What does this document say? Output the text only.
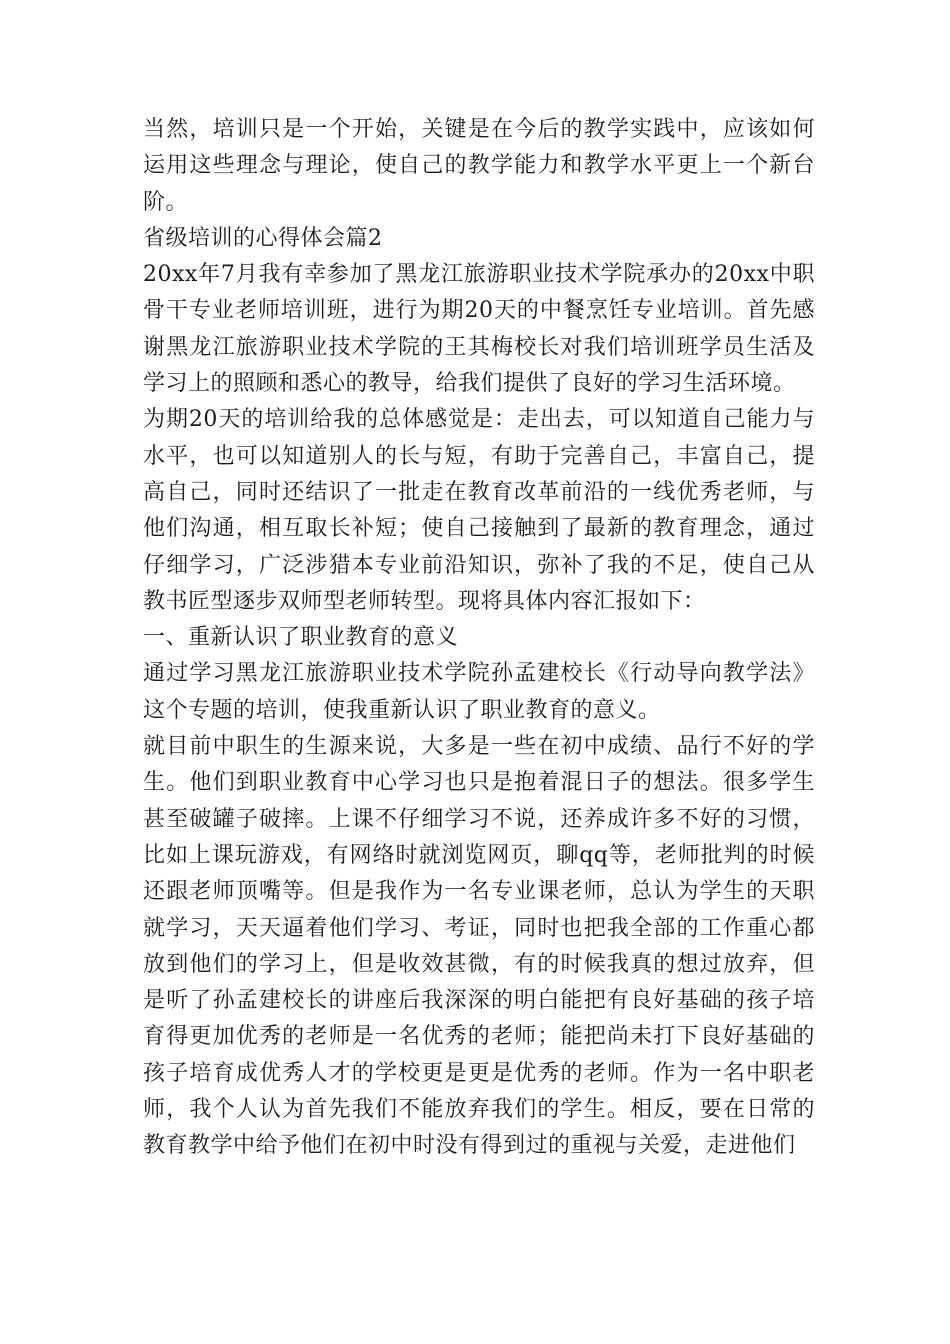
当然，培训只是一个开始，关键是在今后的教学实践中，应该如何运用这些理念与理论，使自己的教学能力和教学水平更上一个新台阶。

省级培训的心得体会篇2

20xx年7月我有幸参加了黑龙江旅游职业技术学院承办的20xx中职骨干专业老师培训班，进行为期20天的中餐烹饪专业培训。首先感谢黑龙江旅游职业技术学院的王其梅校长对我们培训班学员生活及学习上的照顾和悉心的教导，给我们提供了良好的学习生活环境。

为期20天的培训给我的总体感觉是：走出去，可以知道自己能力与水平，也可以知道别人的长与短，有助于完善自己，丰富自己，提高自己，同时还结识了一批走在教育改革前沿的一线优秀老师，与他们沟通，相互取长补短；使自己接触到了最新的教育理念，通过仔细学习，广泛涉猎本专业前沿知识，弥补了我的不足，使自己从教书匠型逐步双师型老师转型。现将具体内容汇报如下：

一、重新认识了职业教育的意义

通过学习黑龙江旅游职业技术学院孙孟建校长《行动导向教学法》这个专题的培训，使我重新认识了职业教育的意义。

就目前中职生的生源来说，大多是一些在初中成绩、品行不好的学生。他们到职业教育中心学习也只是抱着混日子的想法。很多学生甚至破罐子破摔。上课不仔细学习不说，还养成许多不好的习惯，比如上课玩游戏，有网络时就浏览网页，聊qq等，老师批判的时候还跟老师顶嘴等。但是我作为一名专业课老师，总认为学生的天职就学习，天天逼着他们学习、考证，同时也把我全部的工作重心都放到他们的学习上，但是收效甚微，有的时候我真的想过放弃，但是听了孙孟建校长的讲座后我深深的明白能把有良好基础的孩子培育得更加优秀的老师是一名优秀的老师；能把尚未打下良好基础的孩子培育成优秀人才的学校更是更是优秀的老师。作为一名中职老师，我个人认为首先我们不能放弃我们的学生。相反，要在日常的教育教学中给予他们在初中时没有得到过的重视与关爱，走进他们
